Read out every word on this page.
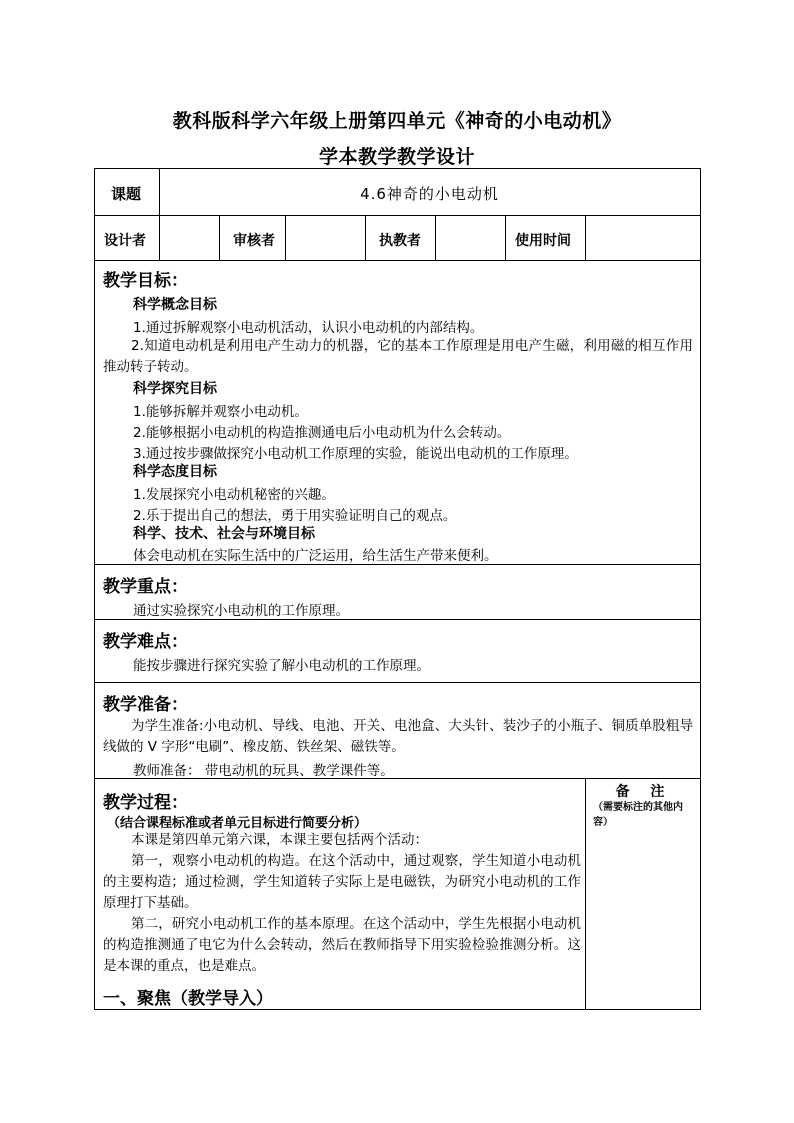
教科版科学六年级上册第四单元《神奇的小电动机》
学本教学教学设计
课题	4.6神奇的小电动机
设计者	审核者	执教者	使用时间
教学目标：
科学概念目标
1.通过拆解观察小电动机活动，认识小电动机的内部结构。

2.知道电动机是利用电产生动力的机器，它的基本工作原理是用电产生磁，利用磁的相互作用推动转子转动。

科学探究目标
1.能够拆解并观察小电动机。
2.能够根据小电动机的构造推测通电后小电动机为什么会转动。
3.通过按步骤做探究小电动机工作原理的实验，能说出电动机的工作原理。
科学态度目标
1.发展探究小电动机秘密的兴趣。
2.乐于提出自己的想法，勇于用实验证明自己的观点。
科学、技术、社会与环境目标
体会电动机在实际生活中的广泛运用，给生活生产带来便利。
教学重点：
通过实验探究小电动机的工作原理。
教学难点：
能按步骤进行探究实验了解小电动机的工作原理。
教学准备：

为学生准备:小电动机、导线、电池、开关、电池盒、大头针、装沙子的小瓶子、铜质单股粗导线做的 V 字形“电刷”、橡皮筋、铁丝架、磁铁等。

教师准备： 带电动机的玩具、教学课件等。
教学过程：
（结合课程标准或者单元目标进行简要分析）

本课是第四单元第六课，本课主要包括两个活动：

第一，观察小电动机的构造。在这个活动中，通过观察，学生知道小电动机的主要构造；通过检测，学生知道转子实际上是电磁铁，为研究小电动机的工作原理打下基础。

第二，研究小电动机工作的基本原理。在这个活动中，学生先根据小电动机的构造推测通了电它为什么会转动，然后在教师指导下用实验检验推测分析。这是本课的重点，也是难点。

一、聚焦（教学导入）
备 注
（需要标注的其他内容）
